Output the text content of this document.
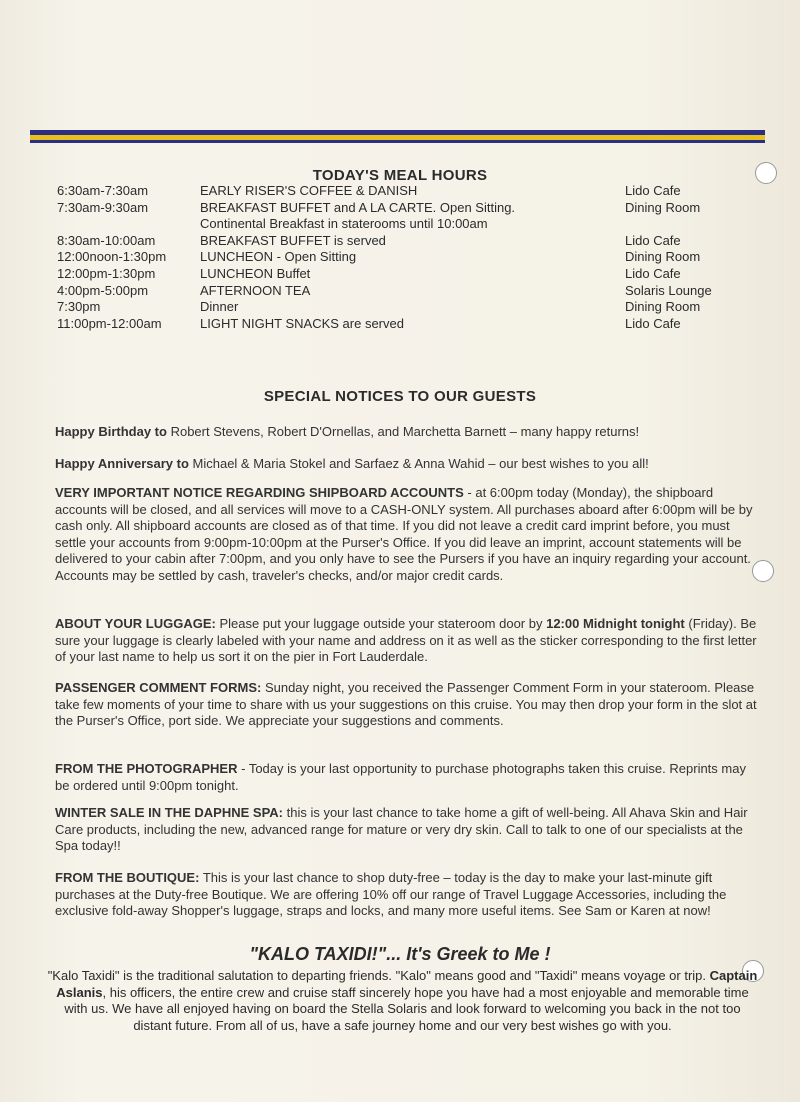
TODAY'S MEAL HOURS
6:30am-7:30am	EARLY RISER'S COFFEE & DANISH	Lido Cafe
7:30am-9:30am	BREAKFAST BUFFET and A LA CARTE. Open Sitting.	Dining Room
Continental Breakfast in staterooms until 10:00am
8:30am-10:00am	BREAKFAST BUFFET is served	Lido Cafe
12:00noon-1:30pm	LUNCHEON - Open Sitting	Dining Room
12:00pm-1:30pm	LUNCHEON Buffet	Lido Cafe
4:00pm-5:00pm	AFTERNOON TEA	Solaris Lounge
7:30pm	Dinner	Dining Room
11:00pm-12:00am	LIGHT NIGHT SNACKS are served	Lido Cafe
SPECIAL NOTICES TO OUR GUESTS
Happy Birthday to Robert Stevens, Robert D'Ornellas, and Marchetta Barnett – many happy returns!
Happy Anniversary to Michael & Maria Stokel and Sarfaez & Anna Wahid – our best wishes to you all!
VERY IMPORTANT NOTICE REGARDING SHIPBOARD ACCOUNTS - at 6:00pm today (Monday), the shipboard accounts will be closed, and all services will move to a CASH-ONLY system. All purchases aboard after 6:00pm will be by cash only. All shipboard accounts are closed as of that time. If you did not leave a credit card imprint before, you must settle your accounts from 9:00pm-10:00pm at the Purser's Office. If you did leave an imprint, account statements will be delivered to your cabin after 7:00pm, and you only have to see the Pursers if you have an inquiry regarding your account. Accounts may be settled by cash, traveler's checks, and/or major credit cards.
ABOUT YOUR LUGGAGE: Please put your luggage outside your stateroom door by 12:00 Midnight tonight (Friday). Be sure your luggage is clearly labeled with your name and address on it as well as the sticker corresponding to the first letter of your last name to help us sort it on the pier in Fort Lauderdale.
PASSENGER COMMENT FORMS: Sunday night, you received the Passenger Comment Form in your stateroom. Please take few moments of your time to share with us your suggestions on this cruise. You may then drop your form in the slot at the Purser's Office, port side. We appreciate your suggestions and comments.
FROM THE PHOTOGRAPHER - Today is your last opportunity to purchase photographs taken this cruise. Reprints may be ordered until 9:00pm tonight.
WINTER SALE IN THE DAPHNE SPA: this is your last chance to take home a gift of well-being. All Ahava Skin and Hair Care products, including the new, advanced range for mature or very dry skin. Call to talk to one of our specialists at the Spa today!!
FROM THE BOUTIQUE: This is your last chance to shop duty-free – today is the day to make your last-minute gift purchases at the Duty-free Boutique. We are offering 10% off our range of Travel Luggage Accessories, including the exclusive fold-away Shopper's luggage, straps and locks, and many more useful items. See Sam or Karen at now!
"KALO TAXIDI!"... It's Greek to Me !
"Kalo Taxidi" is the traditional salutation to departing friends. "Kalo" means good and "Taxidi" means voyage or trip. Captain Aslanis, his officers, the entire crew and cruise staff sincerely hope you have had a most enjoyable and memorable time with us. We have all enjoyed having on board the Stella Solaris and look forward to welcoming you back in the not too distant future. From all of us, have a safe journey home and our very best wishes go with you.
